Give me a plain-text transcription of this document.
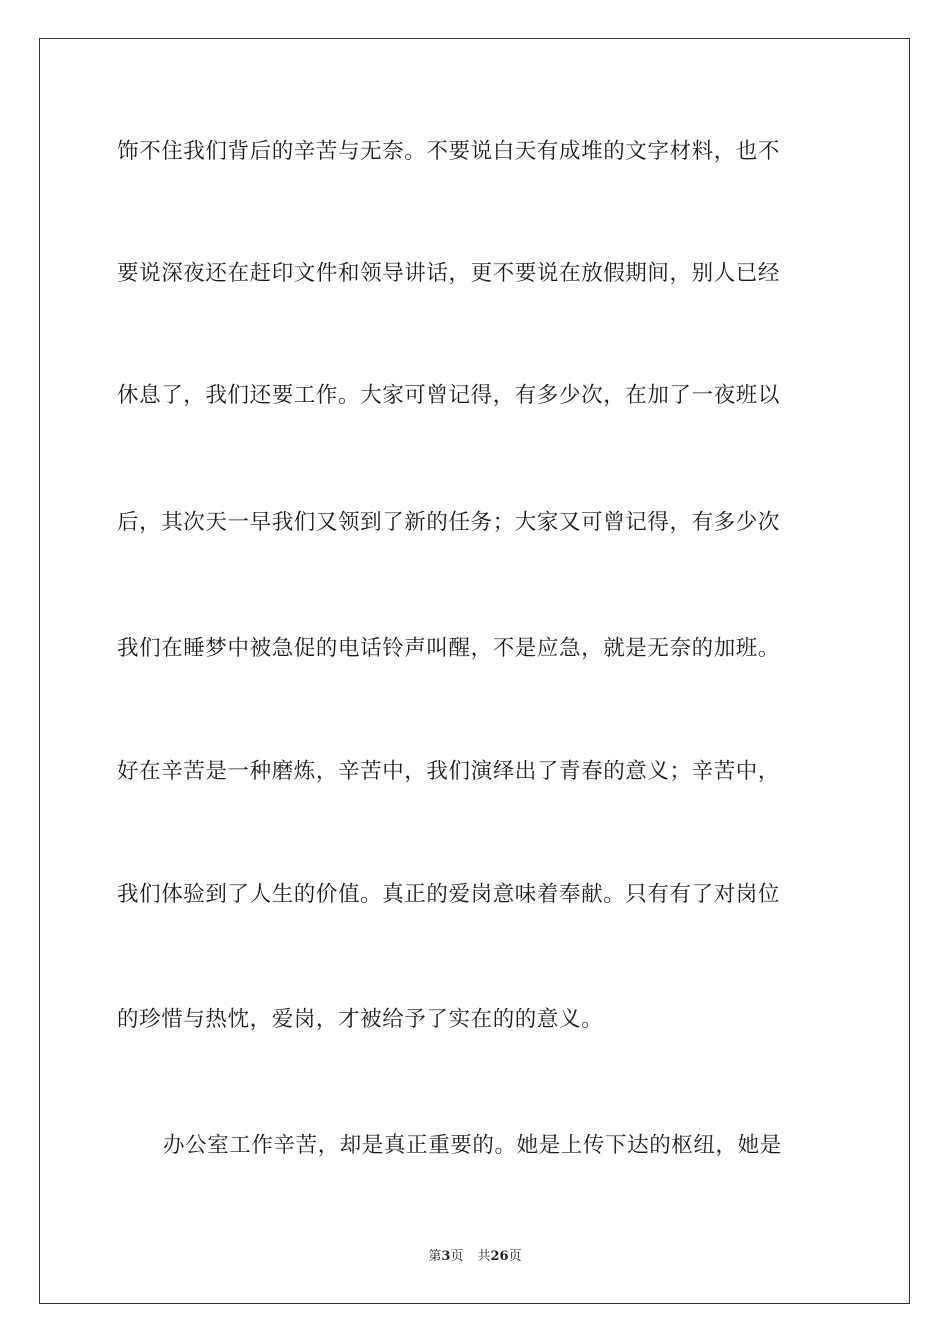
饰不住我们背后的辛苦与无奈。不要说白天有成堆的文字材料，也不
要说深夜还在赶印文件和领导讲话，更不要说在放假期间，别人已经
休息了，我们还要工作。大家可曾记得，有多少次，在加了一夜班以
后，其次天一早我们又领到了新的任务；大家又可曾记得，有多少次
我们在睡梦中被急促的电话铃声叫醒，不是应急，就是无奈的加班。
好在辛苦是一种磨炼，辛苦中，我们演绎出了青春的意义；辛苦中，
我们体验到了人生的价值。真正的爱岗意味着奉献。只有有了对岗位
的珍惜与热忱，爱岗，才被给予了实在的的意义。
办公室工作辛苦，却是真正重要的。她是上传下达的枢纽，她是
第3页 共26页
